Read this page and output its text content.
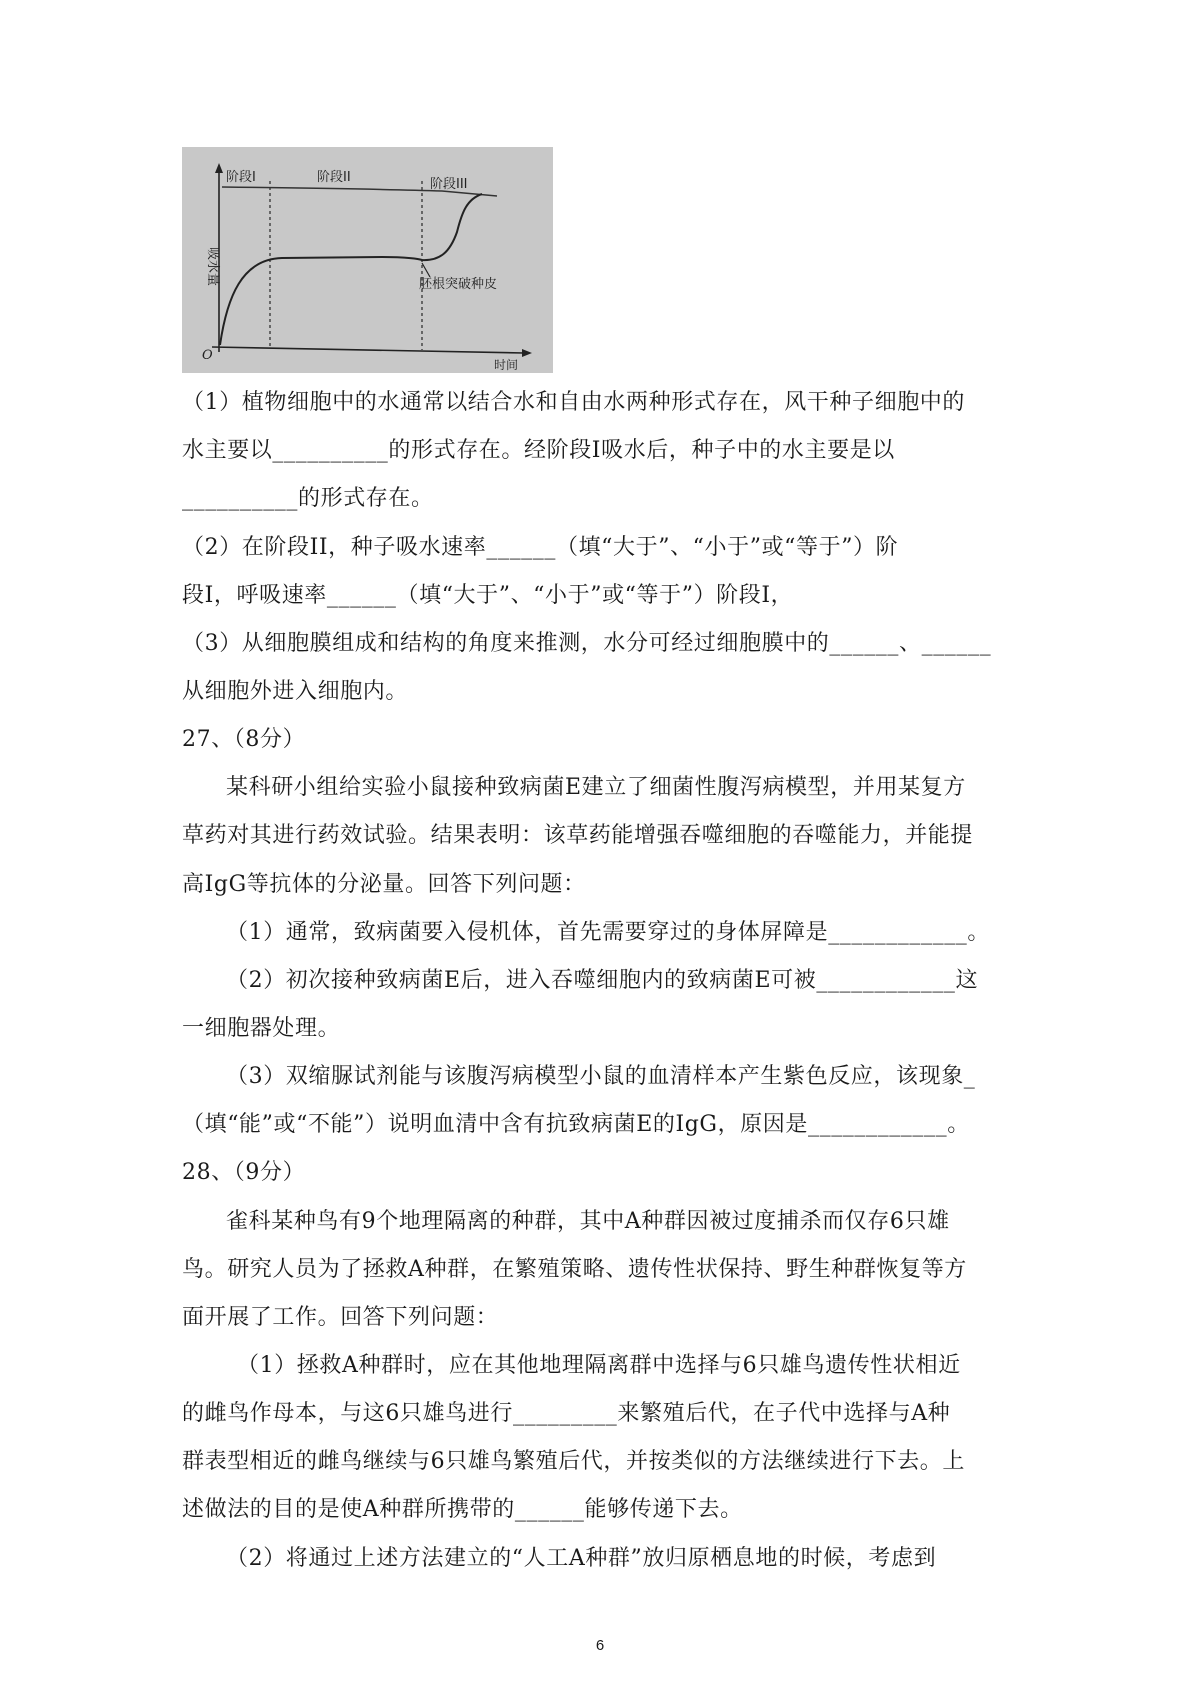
阶段I	阶段II	阶段III
胚根突破种皮
O
时间
吸水量
（1）植物细胞中的水通常以结合水和自由水两种形式存在，风干种子细胞中的
水主要以__________的形式存在。经阶段Ⅰ吸水后，种子中的水主要是以
__________的形式存在。
（2）在阶段II，种子吸水速率______（填“大于”、“小于”或“等于”）阶
段I，呼吸速率______（填“大于”、“小于”或“等于”）阶段I，
（3）从细胞膜组成和结构的角度来推测，水分可经过细胞膜中的______、______
从细胞外进入细胞内。
27、（8分）
某科研小组给实验小鼠接种致病菌E建立了细菌性腹泻病模型，并用某复方
草药对其进行药效试验。结果表明：该草药能增强吞噬细胞的吞噬能力，并能提
高IgG等抗体的分泌量。回答下列问题：
（1）通常，致病菌要入侵机体，首先需要穿过的身体屏障是____________。
（2）初次接种致病菌E后，进入吞噬细胞内的致病菌E可被____________这
一细胞器处理。
（3）双缩脲试剂能与该腹泻病模型小鼠的血清样本产生紫色反应，该现象_
（填“能”或“不能”）说明血清中含有抗致病菌E的IgG，原因是____________。
28、（9分）
雀科某种鸟有9个地理隔离的种群，其中A种群因被过度捕杀而仅存6只雄
鸟。研究人员为了拯救A种群，在繁殖策略、遗传性状保持、野生种群恢复等方
面开展了工作。回答下列问题：
（1）拯救A种群时，应在其他地理隔离群中选择与6只雄鸟遗传性状相近
的雌鸟作母本，与这6只雄鸟进行_________来繁殖后代，在子代中选择与A种
群表型相近的雌鸟继续与6只雄鸟繁殖后代，并按类似的方法继续进行下去。上
述做法的目的是使A种群所携带的______能够传递下去。
（2）将通过上述方法建立的“人工A种群”放归原栖息地的时候，考虑到
6
